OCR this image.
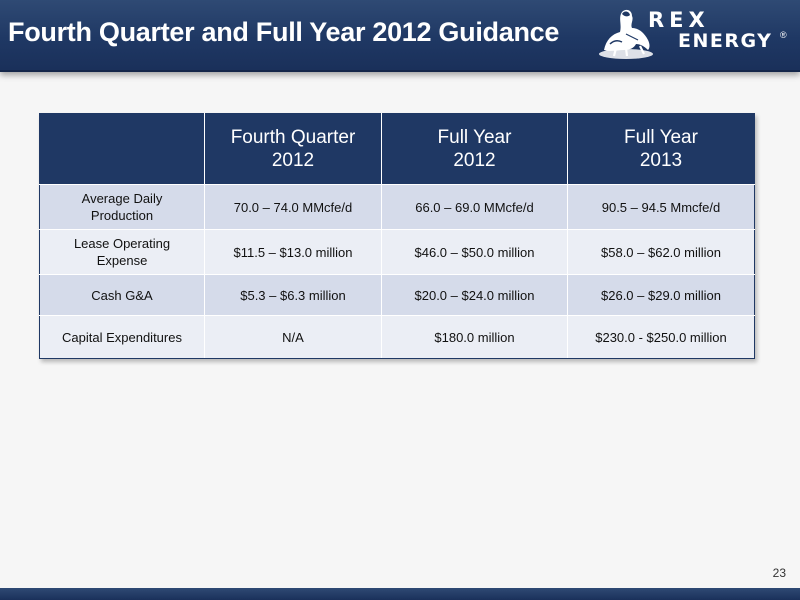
Fourth Quarter and Full Year 2012 Guidance	REX
ENERGY ®
	Fourth Quarter 2012	Full Year 2012	Full Year 2013
Average Daily Production	70.0 – 74.0 MMcfe/d	66.0 – 69.0 MMcfe/d	90.5 – 94.5 Mmcfe/d
Lease Operating Expense	$11.5 – $13.0 million	$46.0 – $50.0 million	$58.0 – $62.0 million
Cash G&A	$5.3 – $6.3 million	$20.0 – $24.0 million	$26.0 – $29.0 million
Capital Expenditures	N/A	$180.0 million	$230.0 - $250.0 million
23
